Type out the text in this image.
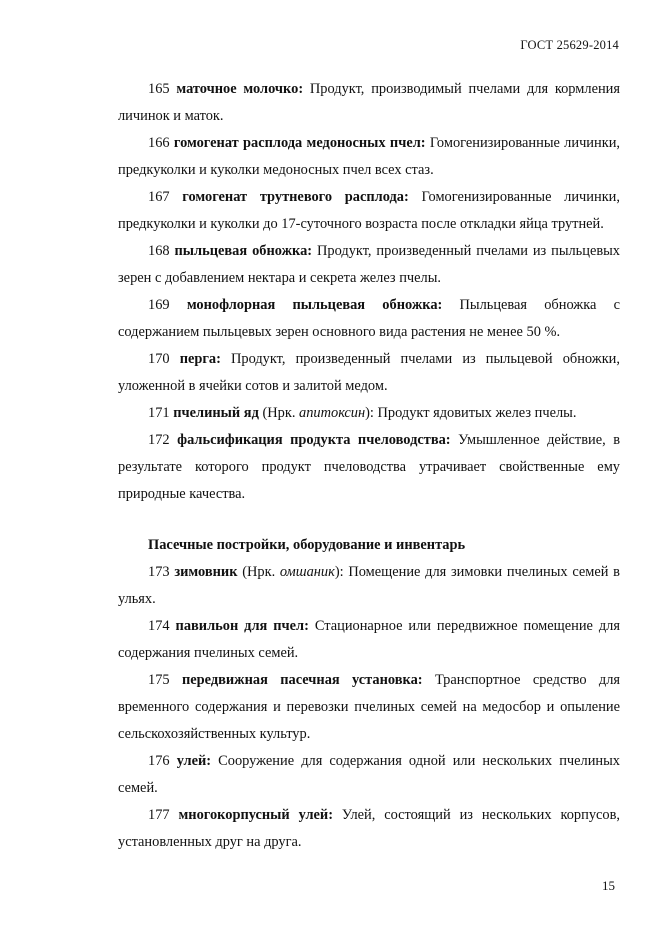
ГОСТ 25629-2014

165 маточное молочко: Продукт, производимый пчелами для кормления личинок и маток.

166 гомогенат расплода медоносных пчел: Гомогенизированные личинки, предкуколки и куколки медоносных пчел всех стаз.

167 гомогенат трутневого расплода: Гомогенизированные личинки, предкуколки и куколки до 17-суточного возраста после откладки яйца трутней.

168 пыльцевая обножка: Продукт, произведенный пчелами из пыльцевых зерен с добавлением нектара и секрета желез пчелы.

169 монофлорная пыльцевая обножка: Пыльцевая обножка с содержанием пыльцевых зерен основного вида растения не менее 50 %.

170 перга: Продукт, произведенный пчелами из пыльцевой обножки, уложенной в ячейки сотов и залитой медом.

171 пчелиный яд (Нрк. апитоксин): Продукт ядовитых желез пчелы.

172 фальсификация продукта пчеловодства: Умышленное действие, в результате которого продукт пчеловодства утрачивает свойственные ему природные качества.

Пасечные постройки, оборудование и инвентарь

173 зимовник (Нрк. омшаник): Помещение для зимовки пчелиных семей в ульях.

174 павильон для пчел: Стационарное или передвижное помещение для содержания пчелиных семей.

175 передвижная пасечная установка: Транспортное средство для временного содержания и перевозки пчелиных семей на медосбор и опыление сельскохозяйственных культур.

176 улей: Сооружение для содержания одной или нескольких пчелиных семей.

177 многокорпусный улей: Улей, состоящий из нескольких корпусов, установленных друг на друга.

15
